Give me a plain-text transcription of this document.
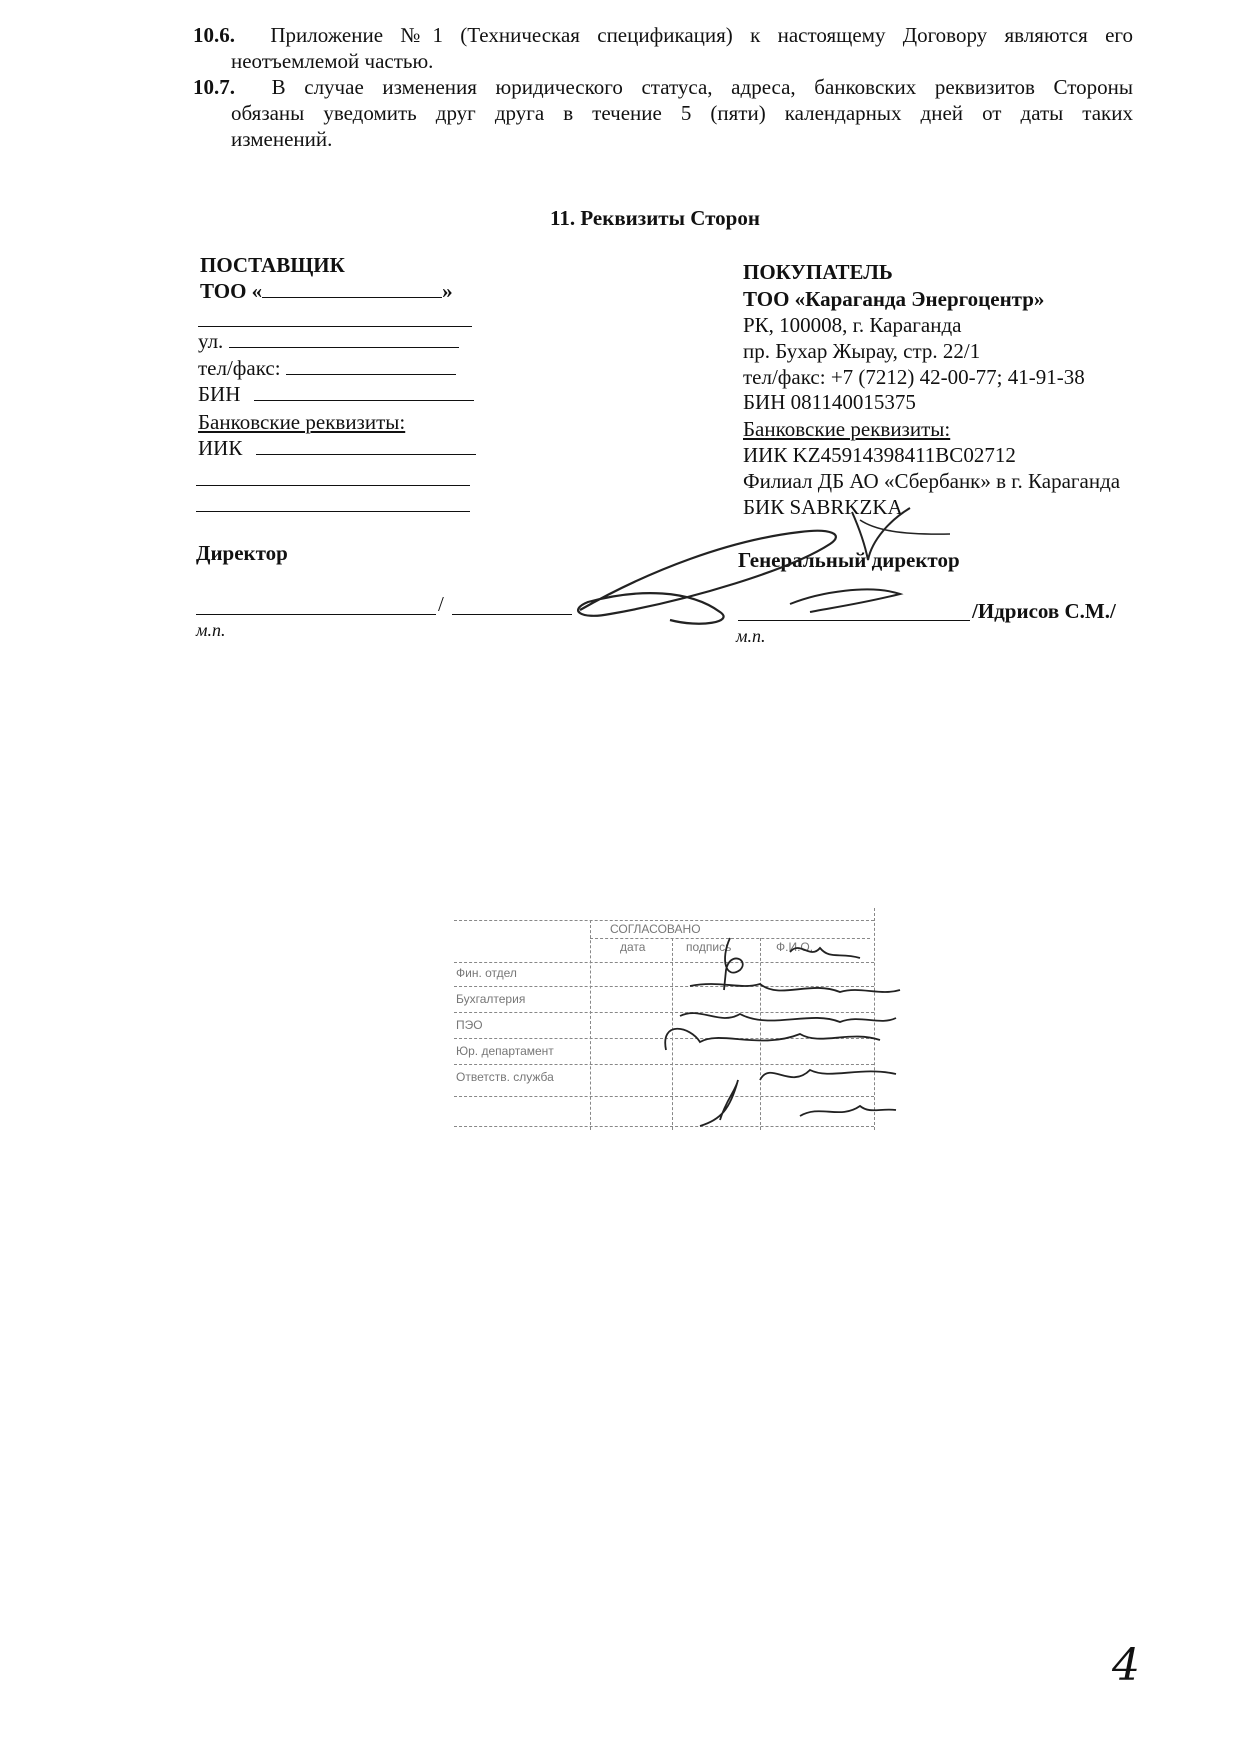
10.6. Приложение №1 (Техническая спецификация) к настоящему Договору являются его
неотъемлемой частью.
10.7. В случае изменения юридического статуса, адреса, банковских реквизитов Стороны
обязаны уведомить друг друга в течение 5 (пяти) календарных дней от даты таких
изменений.
11. Реквизиты Сторон
ПОСТАВЩИК
ТОО «	»
ул.
тел/факс:
БИН
Банковские реквизиты:
ИИК
Директор
/
м.п.
ПОКУПАТЕЛЬ
ТОО «Караганда Энергоцентр»
РК, 100008, г. Караганда
пр. Бухар Жырау, стр. 22/1
тел/факс: +7 (7212) 42-00-77; 41-91-38
БИН 081140015375
Банковские реквизиты:
ИИК KZ45914398411BC02712
Филиал ДБ АО «Сбербанк» в г. Караганда
БИК SABRKZKA
Генеральный директор
/Идрисов С.М./
м.п.
СОГЛАСОВАНО
дата	подпись	Ф.И.О.
Фин. отдел
Бухгалтерия
ПЭО
Юр. департамент
Ответств. служба
4
